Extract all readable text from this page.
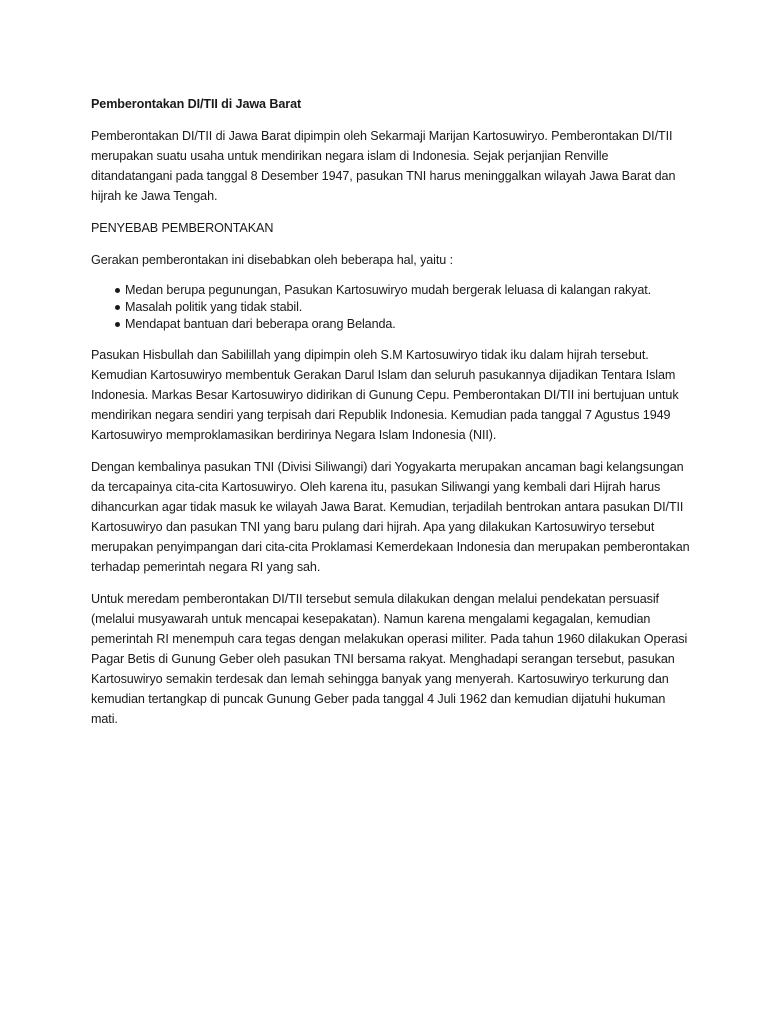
Pemberontakan DI/TII di Jawa Barat

Pemberontakan DI/TII di Jawa Barat dipimpin oleh Sekarmaji Marijan Kartosuwiryo. Pemberontakan DI/TII merupakan suatu usaha untuk mendirikan negara islam di Indonesia. Sejak perjanjian Renville ditandatangani pada tanggal 8 Desember 1947, pasukan TNI harus meninggalkan wilayah Jawa Barat dan hijrah ke Jawa Tengah.

PENYEBAB PEMBERONTAKAN

Gerakan pemberontakan ini disebabkan oleh beberapa hal, yaitu :

Medan berupa pegunungan, Pasukan Kartosuwiryo mudah bergerak leluasa di kalangan rakyat.
Masalah politik yang tidak stabil.
Mendapat bantuan dari beberapa orang Belanda.

Pasukan Hisbullah dan Sabilillah yang dipimpin oleh S.M Kartosuwiryo tidak iku dalam hijrah tersebut. Kemudian Kartosuwiryo membentuk Gerakan Darul Islam dan seluruh pasukannya dijadikan Tentara Islam Indonesia. Markas Besar Kartosuwiryo didirikan di Gunung Cepu. Pemberontakan DI/TII ini bertujuan untuk mendirikan negara sendiri yang terpisah dari Republik Indonesia. Kemudian pada tanggal 7 Agustus 1949 Kartosuwiryo memproklamasikan berdirinya Negara Islam Indonesia (NII).

Dengan kembalinya pasukan TNI (Divisi Siliwangi) dari Yogyakarta merupakan ancaman bagi kelangsungan da tercapainya cita-cita Kartosuwiryo. Oleh karena itu, pasukan Siliwangi yang kembali dari Hijrah harus dihancurkan agar tidak masuk ke wilayah Jawa Barat. Kemudian, terjadilah bentrokan antara pasukan DI/TII Kartosuwiryo dan pasukan TNI yang baru pulang dari hijrah. Apa yang dilakukan Kartosuwiryo tersebut merupakan penyimpangan dari cita-cita Proklamasi Kemerdekaan Indonesia dan merupakan pemberontakan terhadap pemerintah negara RI yang sah.

Untuk meredam pemberontakan DI/TII tersebut semula dilakukan dengan melalui pendekatan persuasif (melalui musyawarah untuk mencapai kesepakatan). Namun karena mengalami kegagalan, kemudian pemerintah RI menempuh cara tegas dengan melakukan operasi militer. Pada tahun 1960 dilakukan Operasi Pagar Betis di Gunung Geber oleh pasukan TNI bersama rakyat. Menghadapi serangan tersebut, pasukan Kartosuwiryo semakin terdesak dan lemah sehingga banyak yang menyerah. Kartosuwiryo terkurung dan kemudian tertangkap di puncak Gunung Geber pada tanggal 4 Juli 1962 dan kemudian dijatuhi hukuman mati.
